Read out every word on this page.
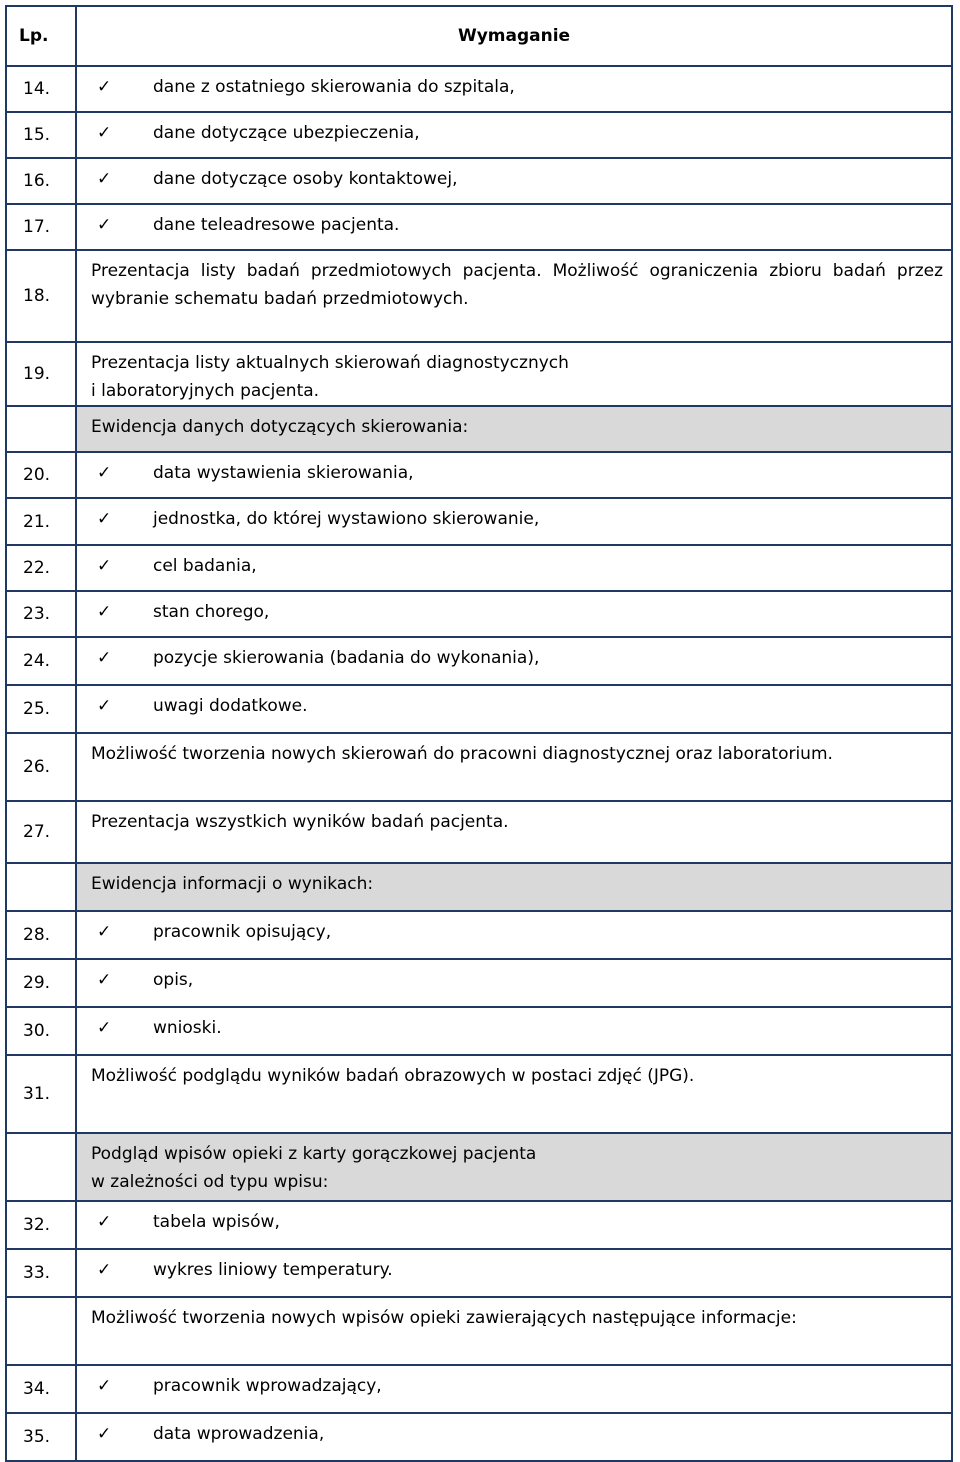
Lp.	Wymaganie

14.	✓ dane z ostatniego skierowania do szpitala,

15.	✓ dane dotyczące ubezpieczenia,

16.	✓ dane dotyczące osoby kontaktowej,

17.	✓ dane teleadresowe pacjenta.

18.	Prezentacja listy badań przedmiotowych pacjenta. Możliwość ograniczenia zbioru badań przez wybranie schematu badań przedmiotowych.

19.	Prezentacja listy aktualnych skierowań diagnostycznych
i laboratoryjnych pacjenta.

	Ewidencja danych dotyczących skierowania:

20.	✓ data wystawienia skierowania,

21.	✓ jednostka, do której wystawiono skierowanie,

22.	✓ cel badania,

23.	✓ stan chorego,

24.	✓ pozycje skierowania (badania do wykonania),

25.	✓ uwagi dodatkowe.

26.	Możliwość tworzenia nowych skierowań do pracowni diagnostycznej oraz laboratorium.

27.	Prezentacja wszystkich wyników badań pacjenta.

	Ewidencja informacji o wynikach:

28.	✓ pracownik opisujący,

29.	✓ opis,

30.	✓ wnioski.

31.	Możliwość podglądu wyników badań obrazowych w postaci zdjęć (JPG).

	Podgląd wpisów opieki z karty gorączkowej pacjenta
w zależności od typu wpisu:

32.	✓ tabela wpisów,

33.	✓ wykres liniowy temperatury.

	Możliwość tworzenia nowych wpisów opieki zawierających następujące informacje:

34.	✓ pracownik wprowadzający,

35.	✓ data wprowadzenia,
